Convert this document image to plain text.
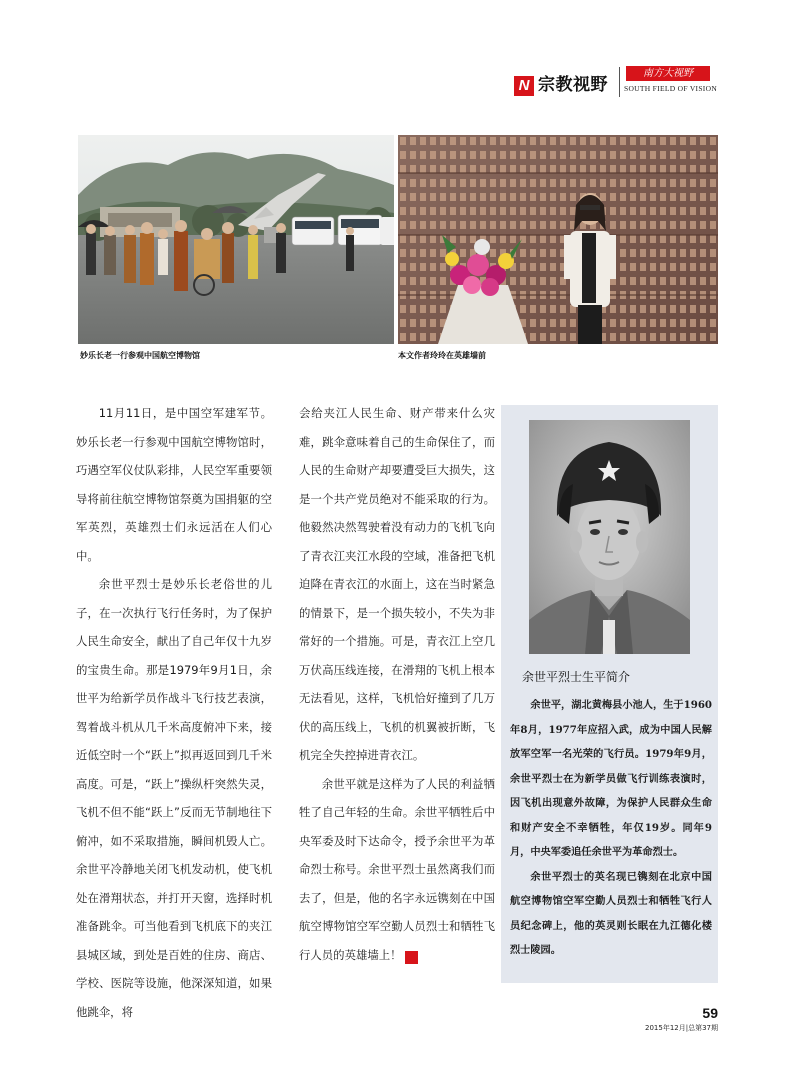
N 宗教视野
南方大视野
SOUTH FIELD OF VISION
妙乐长老一行参观中国航空博物馆	本文作者玲玲在英雄墙前

11月11日，是中国空军建军节。妙乐长老一行参观中国航空博物馆时，巧遇空军仪仗队彩排，人民空军重要领导将前往航空博物馆祭奠为国捐躯的空军英烈，英雄烈士们永远活在人们心中。

余世平烈士是妙乐长老俗世的儿子，在一次执行飞行任务时，为了保护人民生命安全，献出了自己年仅十九岁的宝贵生命。那是1979年9月1日，余世平为给新学员作战斗飞行技艺表演，驾着战斗机从几千米高度俯冲下来，接近低空时一个“跃上”拟再返回到几千米高度。可是，“跃上”操纵杆突然失灵，飞机不但不能“跃上”反而无节制地往下俯冲，如不采取措施，瞬间机毁人亡。余世平冷静地关闭飞机发动机，使飞机处在滑翔状态，并打开天窗，选择时机准备跳伞。可当他看到飞机底下的夹江县城区域，到处是百姓的住房、商店、学校、医院等设施，他深深知道，如果他跳伞，将

会给夹江人民生命、财产带来什么灾难，跳伞意味着自己的生命保住了，而人民的生命财产却要遭受巨大损失，这是一个共产党员绝对不能采取的行为。他毅然决然驾驶着没有动力的飞机飞向了青衣江夹江水段的空域，准备把飞机迫降在青衣江的水面上，这在当时紧急的情景下，是一个损失较小，不失为非常好的一个措施。可是，青衣江上空几万伏高压线连接，在滑翔的飞机上根本无法看见，这样，飞机恰好撞到了几万伏的高压线上，飞机的机翼被折断，飞机完全失控掉进青衣江。

余世平就是这样为了人民的利益牺牲了自己年轻的生命。余世平牺牲后中央军委及时下达命令，授予余世平为革命烈士称号。余世平烈士虽然离我们而去了，但是，他的名字永远镌刻在中国航空博物馆空军空勤人员烈士和牺牲飞行人员的英雄墙上！	N

余世平烈士生平简介

余世平，湖北黄梅县小池人，生于1960年8月，1977年应招入武，成为中国人民解放军空军一名光荣的飞行员。1979年9月，余世平烈士在为新学员做飞行训练表演时，因飞机出现意外故障，为保护人民群众生命和财产安全不幸牺牲，年仅19岁。同年9月，中央军委追任余世平为革命烈士。

余世平烈士的英名现已镌刻在北京中国航空博物馆空军空勤人员烈士和牺牲飞行人员纪念碑上，他的英灵则长眠在九江德化楼烈士陵园。

59
2015年12月|总第37期
